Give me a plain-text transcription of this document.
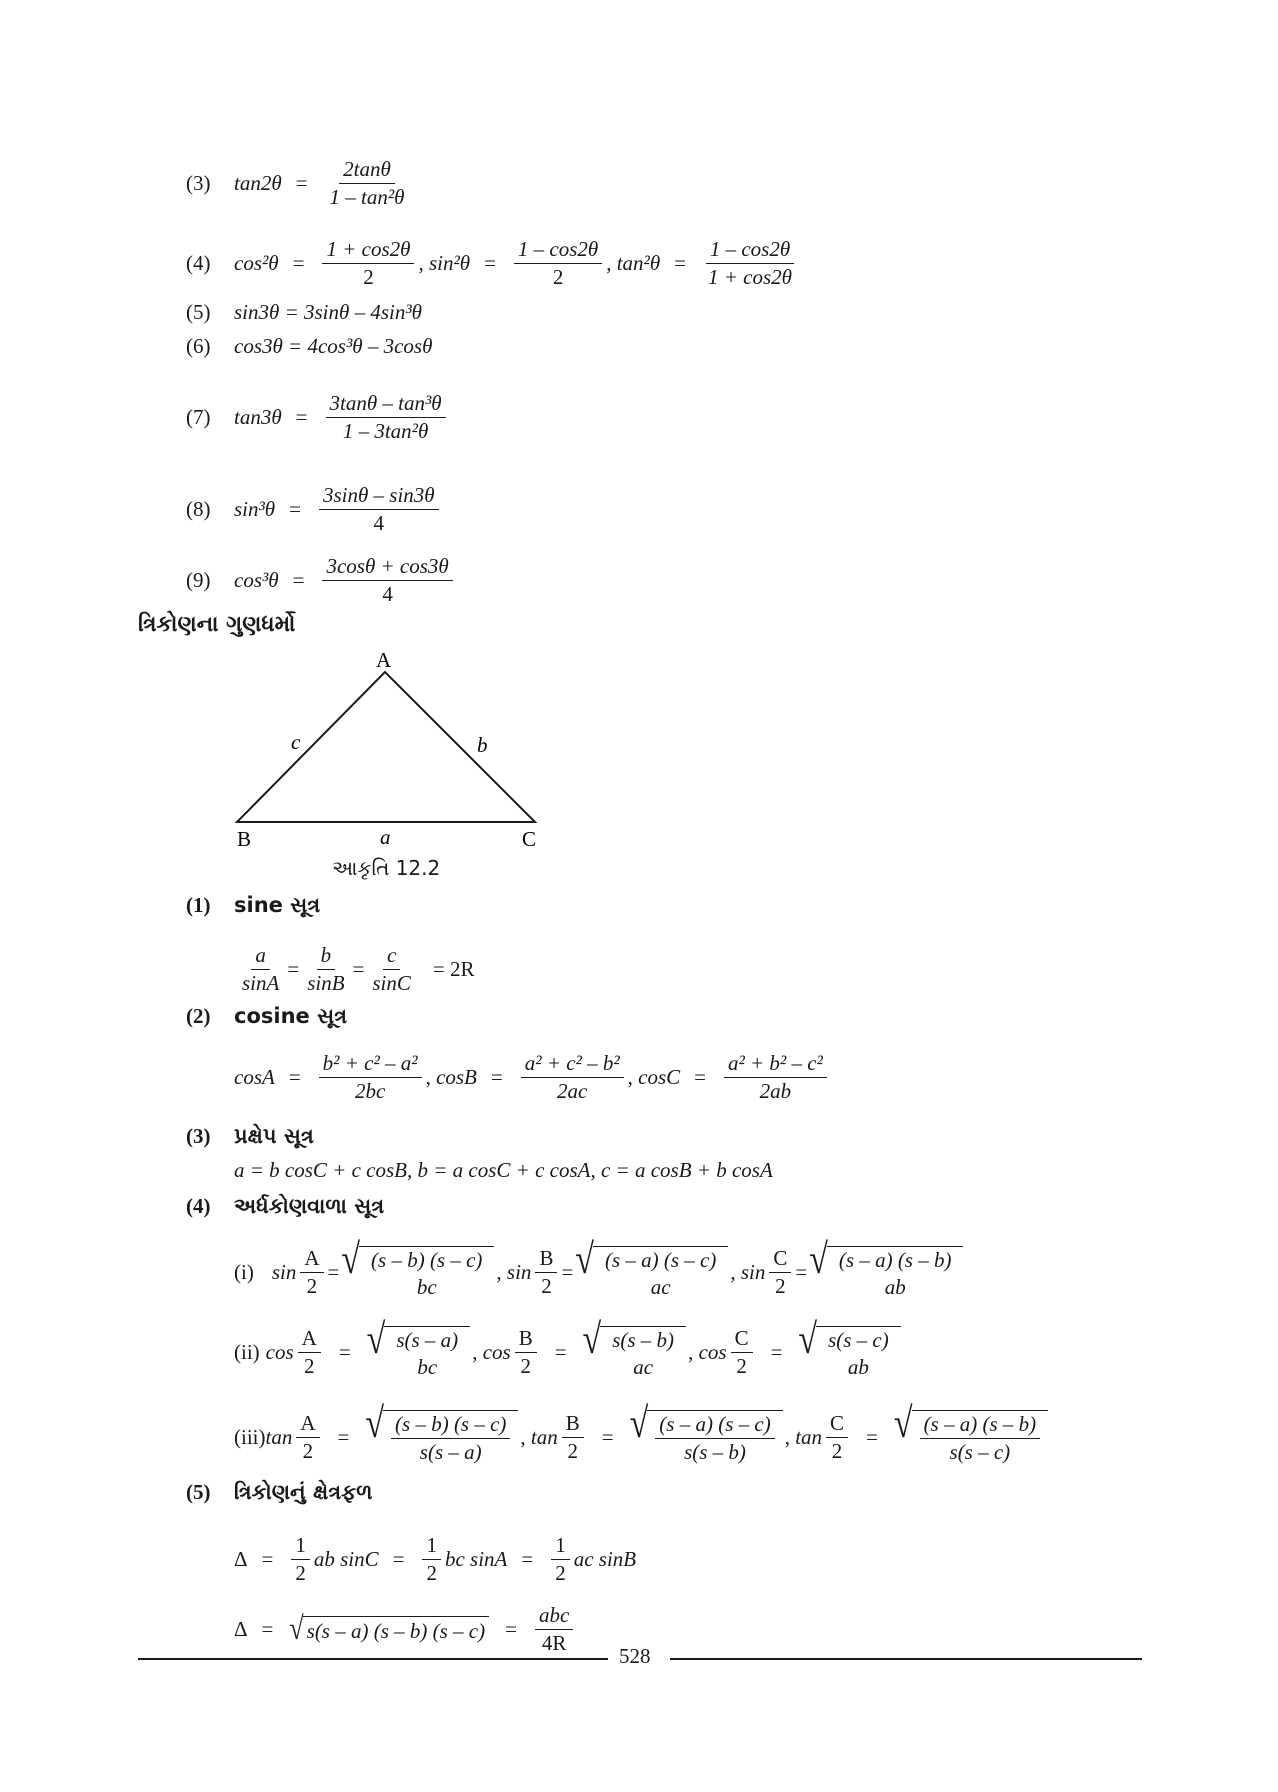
(3)	$\tan 2\theta = \frac{2\tan\theta}{\text{1 – tan²θ}}$
(4)	$\cos^2\theta = \frac{1 + \cos 2\theta}{2}$ , $\sin^2\theta = \frac{1 - \cos 2\theta}{2}$ , $\tan^2\theta = \frac{1 - \cos 2\theta}{1 + \cos 2\theta}$
(5)	sin3θ = 3sinθ – 4sin³θ
(6)	cos3θ = 4cos³θ – 3cosθ
(7)	$\tan 3\theta = \frac{\text{3tanθ – tan³θ}}{\text{1 – 3tan²θ}}$
(8)	$\sin^3\theta = \frac{3\sin\theta - \sin 3\theta}{4}$
(9)	$\cos^3\theta = \frac{3\cos\theta + \cos 3\theta}{4}$
ત્રિકોણના ગુણધર્મો
A
B	C
a
b
c
આકૃતિ 12.2
(1)	sine સૂત્ર
$\frac{a}{\sin A} = \frac{b}{\sin B} = \frac{c}{\sin C} = 2R$
(2)	cosine સૂત્ર
$\cos A = \frac{\text{b² + c² – a²}}{2bc}$ , $\cos B = \frac{\text{a² + c² – b²}}{2ac}$ , $\cos C = \frac{\text{a² + b² – c²}}{2ab}$
(3)	પ્રક્ષેપ સૂત્ર
a = b cosC + c cosB, b = a cosC + c cosA, c = a cosB + b cosA
(4)	અર્ધકોણવાળા સૂત્ર
(i) $\sin \frac{A}{2}$ = √ (s – b) (s – c)
bc
, $\sin \frac{B}{2}$ = √ (s – a) (s – c)
ac
, $\sin \frac{C}{2}$ = √ (s – a) (s – b)
ab
(ii) $\cos \frac{A}{2}$ = √ s(s – a)
bc
, $\cos \frac{B}{2}$ = √ s(s – b)
ac
, $\cos \frac{C}{2}$ = √ s(s – c)
ab
(iii) $\tan \frac{A}{2}$ = √ $\frac{(s - b) (s - c)}{s(s - a)}$ , $\tan \frac{B}{2}$ = √ $\frac{(s - a) (s - c)}{s(s - b)}$ , $\tan \frac{C}{2}$ = √ $\frac{(s - a) (s - b)}{s(s - c)}$
(5)	ત્રિકોણનું ક્ષેત્રફળ
$\Delta = \frac{1}{2}$ ab $\sin C = \frac{1}{2}$ bc $\sin A = \frac{1}{2}$ ac sinB
Δ = √ s(s – a) (s – b) $(s - c) = \frac{\text{abc}}{4R}$
528
